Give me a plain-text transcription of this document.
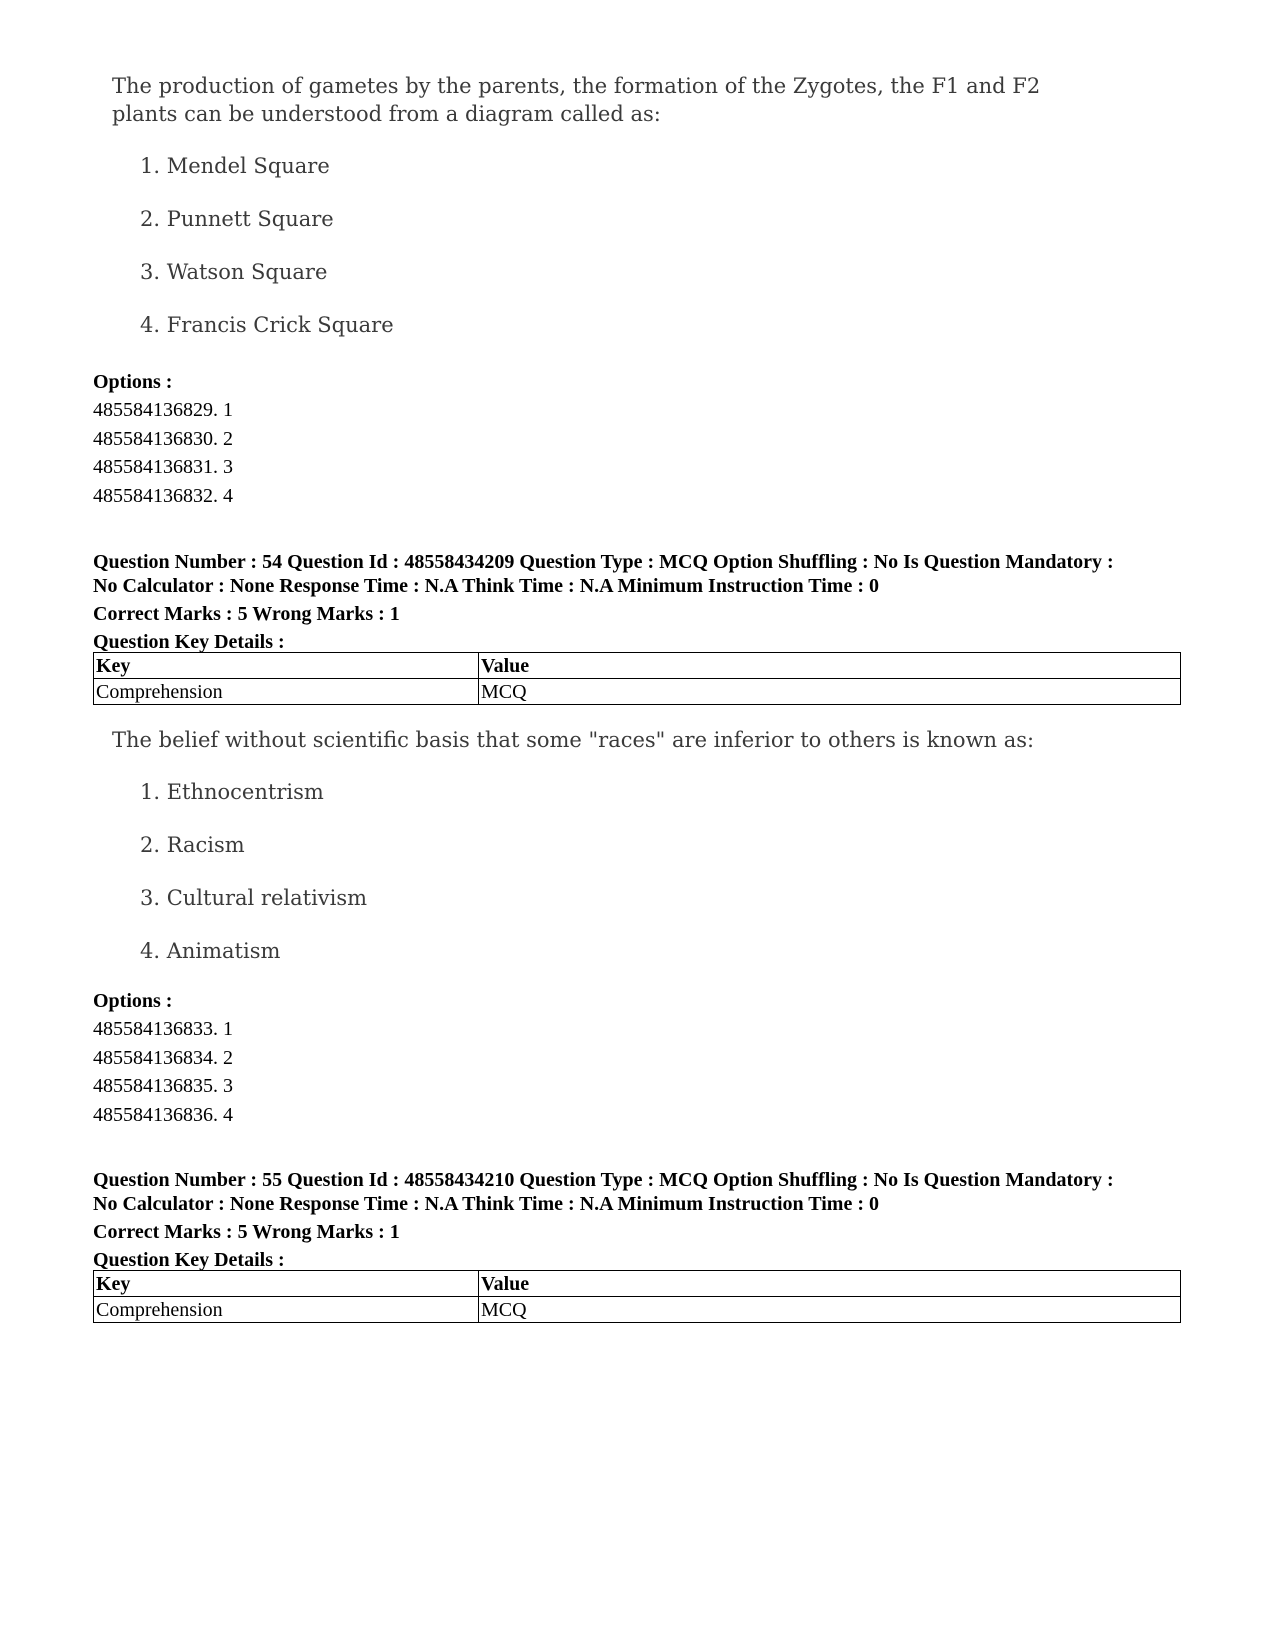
The production of gametes by the parents, the formation of the Zygotes, the F1 and F2 plants can be understood from a diagram called as:

1. Mendel Square
2. Punnett Square
3. Watson Square
4. Francis Crick Square
Options :
485584136829. 1
485584136830. 2
485584136831. 3
485584136832. 4
Question Number : 54 Question Id : 48558434209 Question Type : MCQ Option Shuffling : No Is Question Mandatory :
No Calculator : None Response Time : N.A Think Time : N.A Minimum Instruction Time : 0
Correct Marks : 5 Wrong Marks : 1
Question Key Details :
Key	Value
Comprehension	MCQ

The belief without scientific basis that some "races" are inferior to others is known as:

1. Ethnocentrism
2. Racism
3. Cultural relativism
4. Animatism
Options :
485584136833. 1
485584136834. 2
485584136835. 3
485584136836. 4
Question Number : 55 Question Id : 48558434210 Question Type : MCQ Option Shuffling : No Is Question Mandatory :
No Calculator : None Response Time : N.A Think Time : N.A Minimum Instruction Time : 0
Correct Marks : 5 Wrong Marks : 1
Question Key Details :
Key	Value
Comprehension	MCQ
